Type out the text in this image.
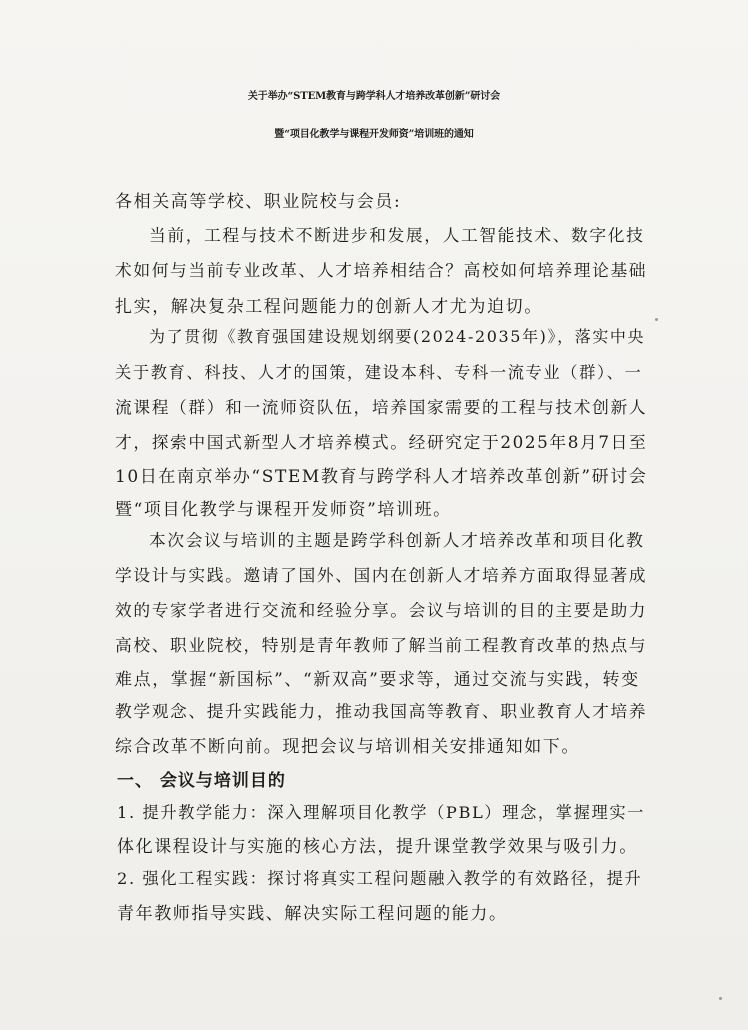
关于举办“STEM教育与跨学科人才培养改革创新”研讨会
暨“项目化教学与课程开发师资”培训班的通知
各相关高等学校、职业院校与会员:
当前，工程与技术不断进步和发展，人工智能技术、数字化技
术如何与当前专业改革、人才培养相结合？高校如何培养理论基础
扎实，解决复杂工程问题能力的创新人才尤为迫切。
为了贯彻《教育强国建设规划纲要(2024-2035年)》，落实中央
关于教育、科技、人才的国策，建设本科、专科一流专业（群）、一
流课程（群）和一流师资队伍，培养国家需要的工程与技术创新人
才，探索中国式新型人才培养模式。经研究定于2025年8月7日至
10日在南京举办“STEM教育与跨学科人才培养改革创新”研讨会
暨“项目化教学与课程开发师资”培训班。
本次会议与培训的主题是跨学科创新人才培养改革和项目化教
学设计与实践。邀请了国外、国内在创新人才培养方面取得显著成
效的专家学者进行交流和经验分享。会议与培训的目的主要是助力
高校、职业院校，特别是青年教师了解当前工程教育改革的热点与
难点，掌握“新国标”、“新双高”要求等，通过交流与实践，转变
教学观念、提升实践能力，推动我国高等教育、职业教育人才培养
综合改革不断向前。现把会议与培训相关安排通知如下。
一、 会议与培训目的
1. 提升教学能力：深入理解项目化教学（PBL）理念，掌握理实一
体化课程设计与实施的核心方法，提升课堂教学效果与吸引力。
2. 强化工程实践：探讨将真实工程问题融入教学的有效路径，提升
青年教师指导实践、解决实际工程问题的能力。
